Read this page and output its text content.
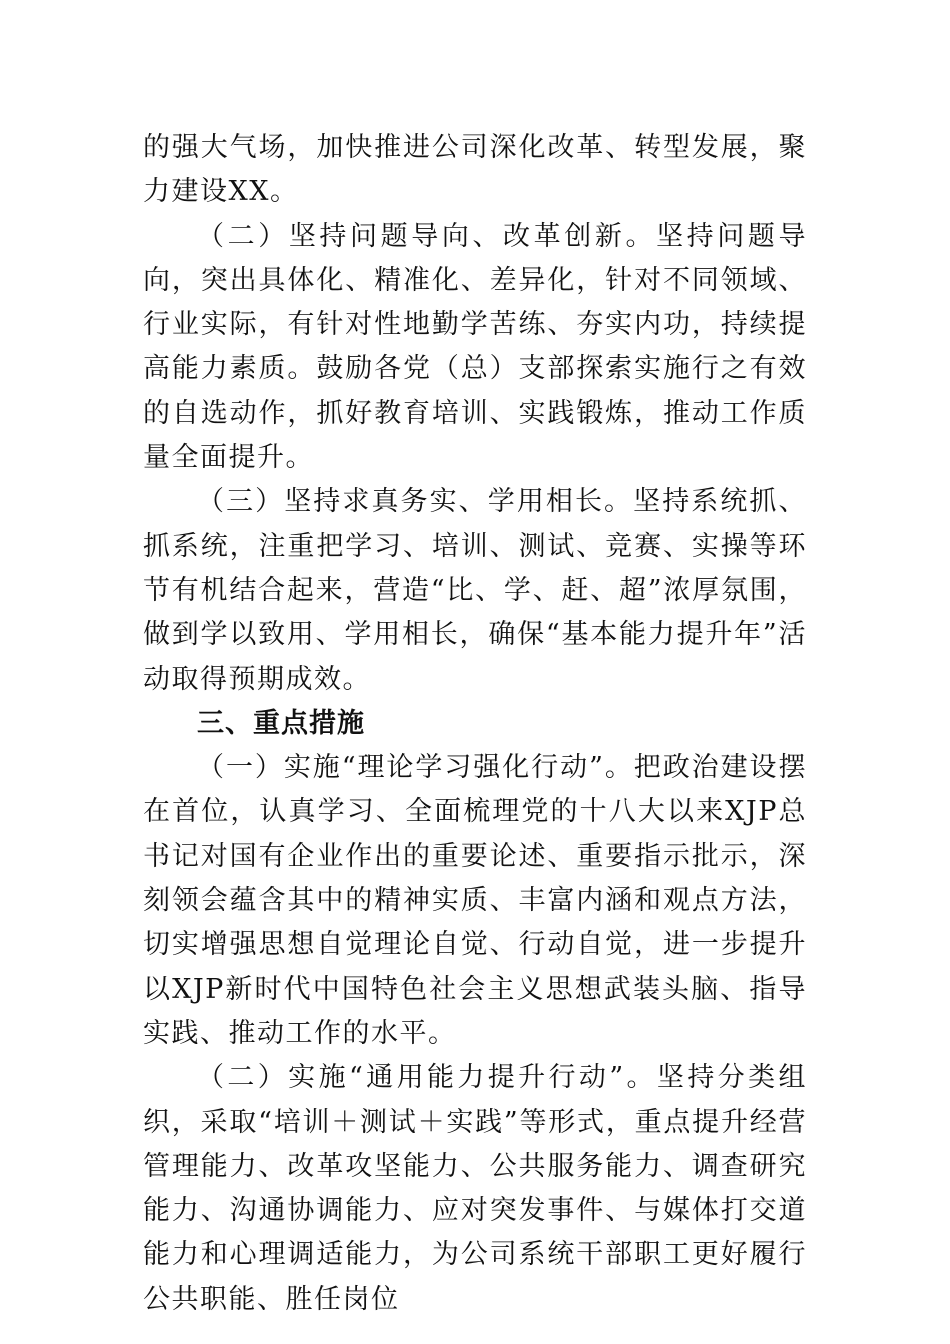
的强大气场，加快推进公司深化改革、转型发展，聚力建设XX。

（二）坚持问题导向、改革创新。坚持问题导向，突出具体化、精准化、差异化，针对不同领域、行业实际，有针对性地勤学苦练、夯实内功，持续提高能力素质。鼓励各党（总）支部探索实施行之有效的自选动作，抓好教育培训、实践锻炼，推动工作质量全面提升。

（三）坚持求真务实、学用相长。坚持系统抓、抓系统，注重把学习、培训、测试、竞赛、实操等环节有机结合起来，营造“比、学、赶、超”浓厚氛围，做到学以致用、学用相长，确保“基本能力提升年”活动取得预期成效。

三、重点措施

（一）实施“理论学习强化行动”。把政治建设摆在首位，认真学习、全面梳理党的十八大以来XJP总书记对国有企业作出的重要论述、重要指示批示，深刻领会蕴含其中的精神实质、丰富内涵和观点方法，切实增强思想自觉理论自觉、行动自觉，进一步提升以XJP新时代中国特色社会主义思想武装头脑、指导实践、推动工作的水平。

（二）实施“通用能力提升行动”。坚持分类组织，采取“培训＋测试＋实践”等形式，重点提升经营管理能力、改革攻坚能力、公共服务能力、调查研究能力、沟通协调能力、应对突发事件、与媒体打交道能力和心理调适能力，为公司系统干部职工更好履行公共职能、胜任岗位
